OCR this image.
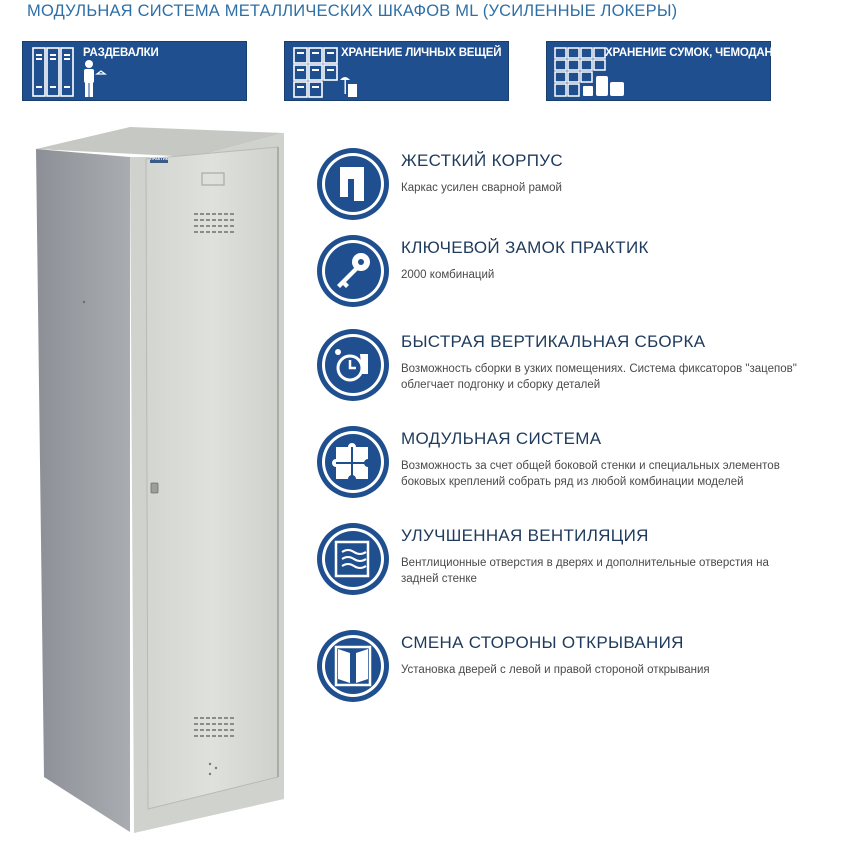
МОДУЛЬНАЯ СИСТЕМА МЕТАЛЛИЧЕСКИХ ШКАФОВ ML (УСИЛЕННЫЕ ЛОКЕРЫ)
РАЗДЕВАЛКИ	ХРАНЕНИЕ ЛИЧНЫХ ВЕЩЕЙ	ХРАНЕНИЕ СУМОК, ЧЕМОДАНОВ
ПРАКТИК	ЖЕСТКИЙ КОРПУС
Каркас усилен сварной рамой
КЛЮЧЕВОЙ ЗАМОК ПРАКТИК
2000 комбинаций
БЫСТРАЯ ВЕРТИКАЛЬНАЯ СБОРКА
Возможность сборки в узких помещениях. Система фиксаторов "зацепов" облегчает подгонку и сборку деталей
МОДУЛЬНАЯ СИСТЕМА
Возможность за счет общей боковой стенки и специальных элементов боковых креплений собрать ряд из любой комбинации моделей
УЛУЧШЕННАЯ ВЕНТИЛЯЦИЯ
Вентлиционные отверстия в дверях и дополнительные отверстия на задней стенке
СМЕНА СТОРОНЫ ОТКРЫВАНИЯ
Установка дверей с левой и правой стороной открывания
